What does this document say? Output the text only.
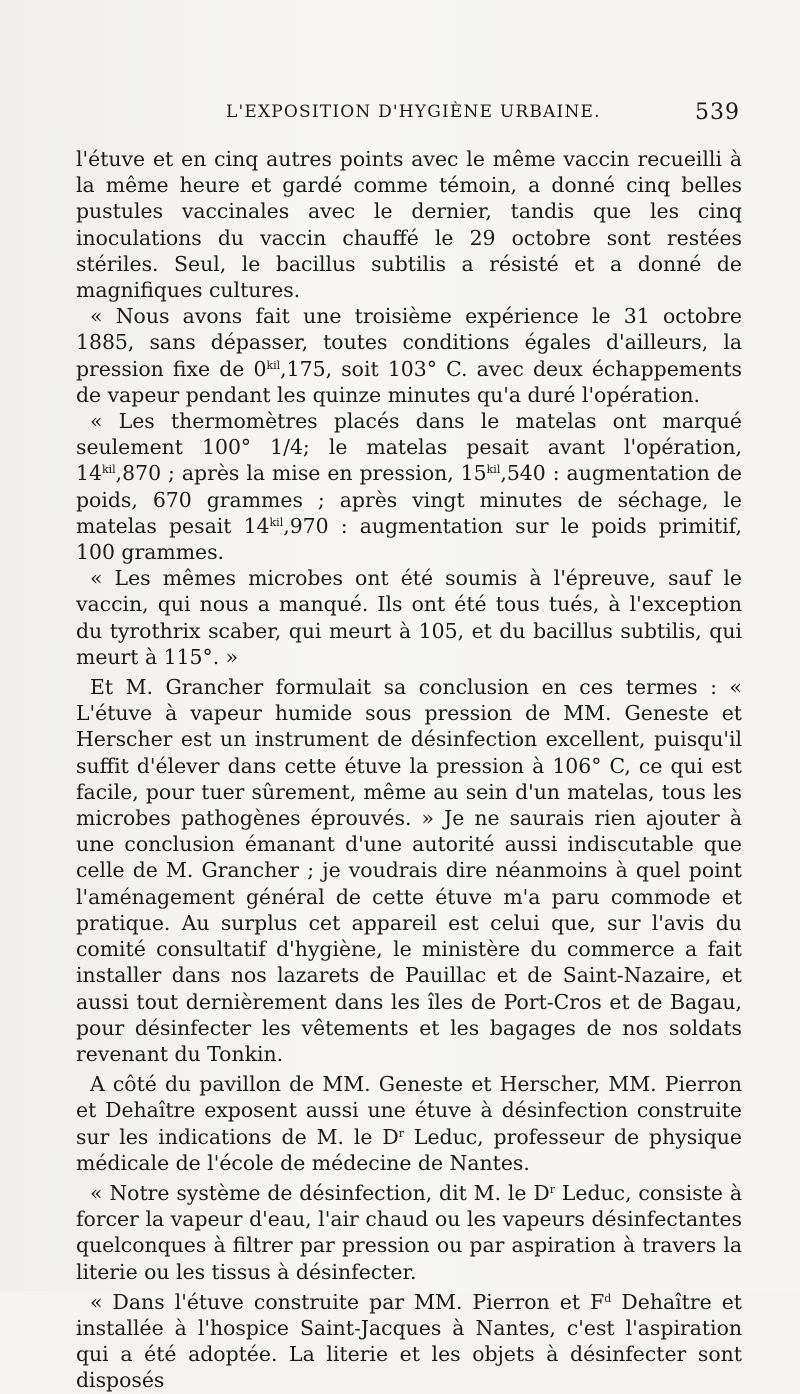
L'EXPOSITION D'HYGIÈNE URBAINE.	539

l'étuve et en cinq autres points avec le même vaccin recueilli à la même heure et gardé comme témoin, a donné cinq belles pustules vaccinales avec le dernier, tandis que les cinq inoculations du vaccin chauffé le 29 octobre sont restées stériles. Seul, le bacillus subtilis a résisté et a donné de magnifiques cultures.

« Nous avons fait une troisième expérience le 31 octobre 1885, sans dépasser, toutes conditions égales d'ailleurs, la pression fixe de $0^{kil},175$, soit 103° C. avec deux échappements de vapeur pendant les quinze minutes qu'a duré l'opération.

« Les thermomètres placés dans le matelas ont marqué seulement 100° 1/4; le matelas pesait avant l'opération, $14^{kil},870$ ; après la mise en pression, $15^{kil},540$ : augmentation de poids, 670 grammes ; après vingt minutes de séchage, le matelas pesait $14^{kil},970$ : augmentation sur le poids primitif, 100 grammes.

« Les mêmes microbes ont été soumis à l'épreuve, sauf le vaccin, qui nous a manqué. Ils ont été tous tués, à l'exception du tyrothrix scaber, qui meurt à 105, et du bacillus subtilis, qui meurt à 115°. »

Et M. Grancher formulait sa conclusion en ces termes : « L'étuve à vapeur humide sous pression de MM. Geneste et Herscher est un instrument de désinfection excellent, puisqu'il suffit d'élever dans cette étuve la pression à 106° C, ce qui est facile, pour tuer sûrement, même au sein d'un matelas, tous les microbes pathogènes éprouvés. » Je ne saurais rien ajouter à une conclusion émanant d'une autorité aussi indiscutable que celle de M. Grancher ; je voudrais dire néanmoins à quel point l'aménagement général de cette étuve m'a paru commode et pratique. Au surplus cet appareil est celui que, sur l'avis du comité consultatif d'hygiène, le ministère du commerce a fait installer dans nos lazarets de Pauillac et de Saint-Nazaire, et aussi tout dernièrement dans les îles de Port-Cros et de Bagau, pour désinfecter les vêtements et les bagages de nos soldats revenant du Tonkin.

A côté du pavillon de MM. Geneste et Herscher, MM. Pierron et Dehaître exposent aussi une étuve à désinfection construite sur les indications de M. le $D^r$ Leduc, professeur de physique médicale de l'école de médecine de Nantes.

« Notre système de désinfection, dit M. le $D^r$ Leduc, consiste à forcer la vapeur d'eau, l'air chaud ou les vapeurs désinfectantes quelconques à filtrer par pression ou par aspiration à travers la literie ou les tissus à désinfecter.

« Dans l'étuve construite par MM. Pierron et $F^d$ Dehaître et installée à l'hospice Saint-Jacques à Nantes, c'est l'aspiration qui a été adoptée. La literie et les objets à désinfecter sont disposés
